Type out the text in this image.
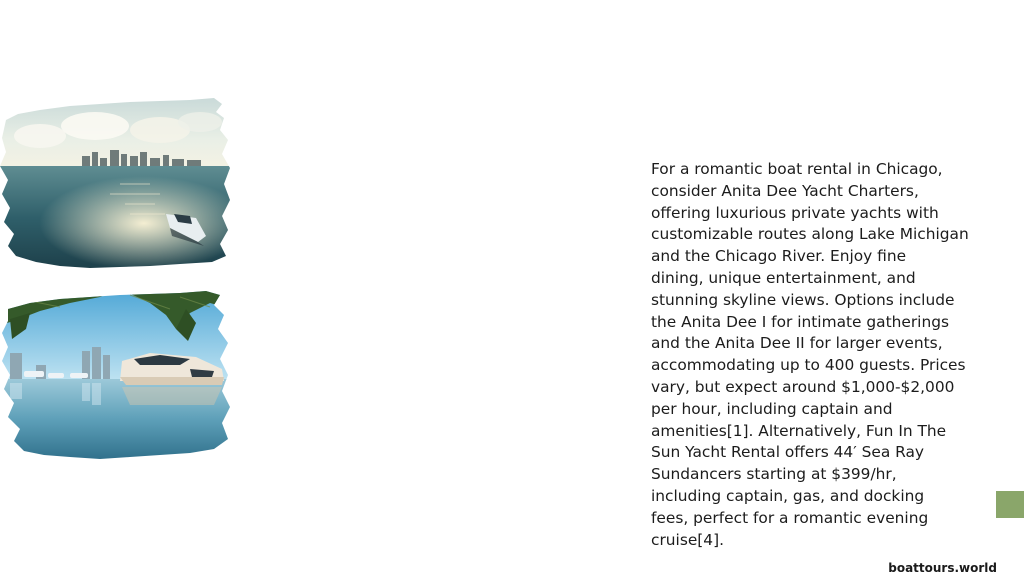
For a romantic boat rental in Chicago,
consider Anita Dee Yacht Charters,
offering luxurious private yachts with
customizable routes along Lake Michigan
and the Chicago River. Enjoy fine
dining, unique entertainment, and
stunning skyline views. Options include
the Anita Dee I for intimate gatherings
and the Anita Dee II for larger events,
accommodating up to 400 guests. Prices
vary, but expect around $1,000-$2,000
per hour, including captain and
amenities[1]. Alternatively, Fun In The
Sun Yacht Rental offers 44′ Sea Ray
Sundancers starting at $399/hr,
including captain, gas, and docking
fees, perfect for a romantic evening
cruise[4].

boattours.world
